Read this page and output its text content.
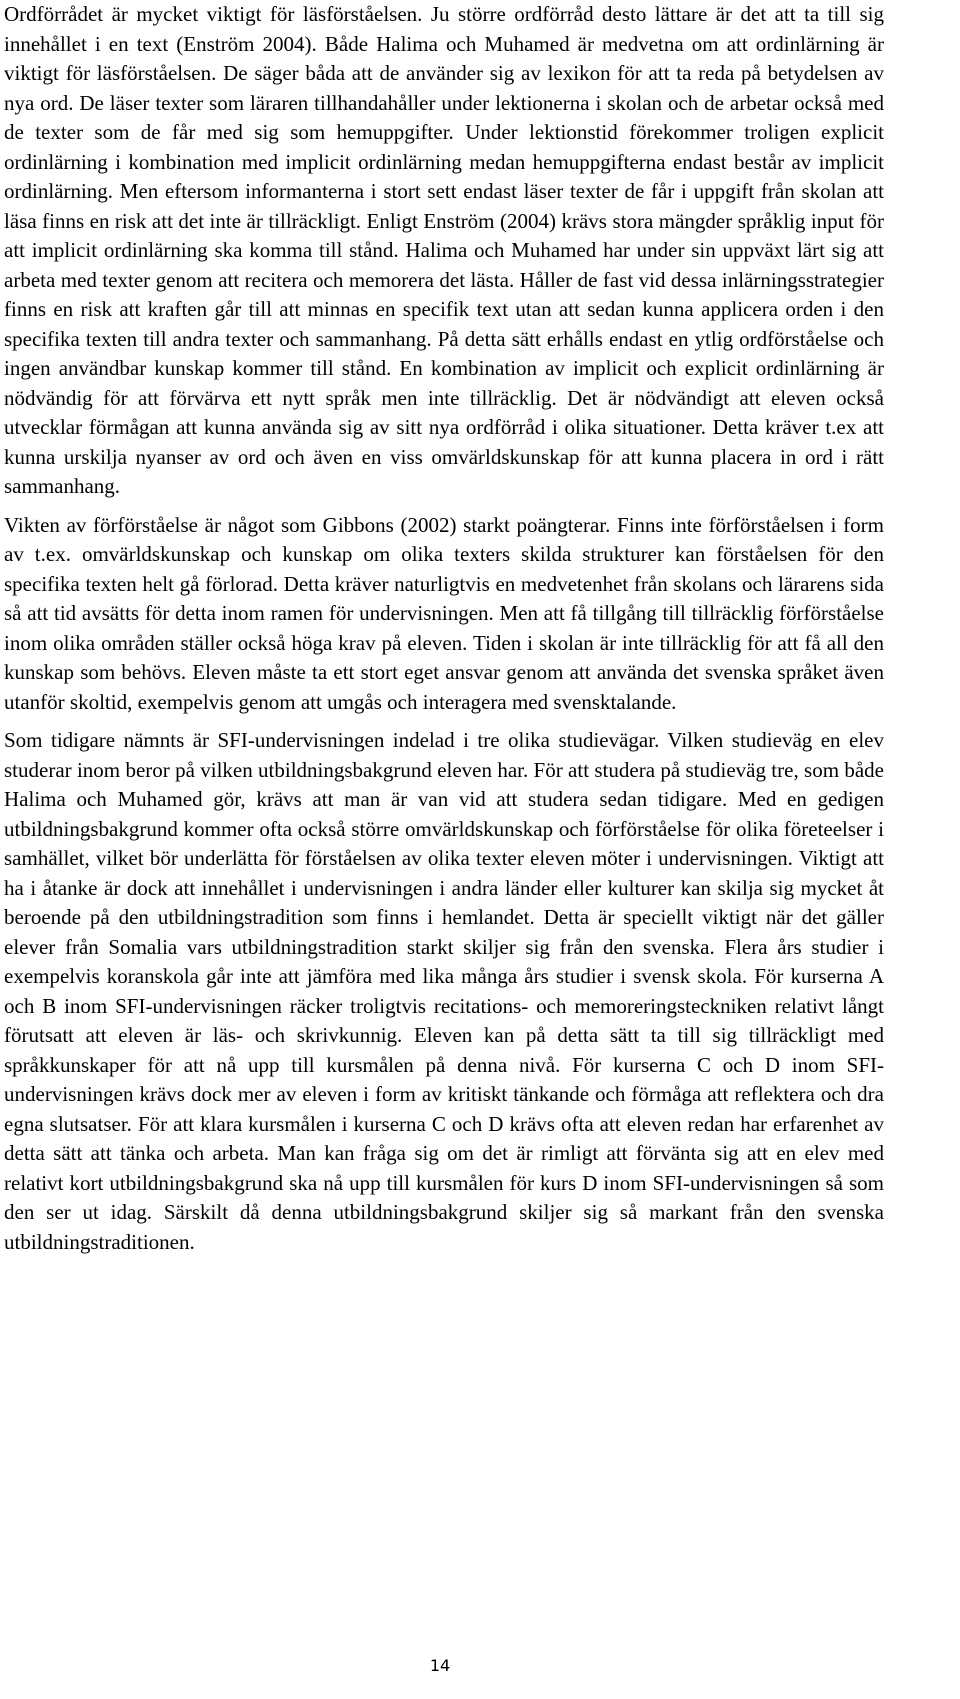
Ordförrådet är mycket viktigt för läsförståelsen. Ju större ordförråd desto lättare är det att ta till sig innehållet i en text (Enström 2004). Både Halima och Muhamed är medvetna om att ordinlärning är viktigt för läsförståelsen. De säger båda att de använder sig av lexikon för att ta reda på betydelsen av nya ord. De läser texter som läraren tillhandahåller under lektionerna i skolan och de arbetar också med de texter som de får med sig som hemuppgifter. Under lektionstid förekommer troligen explicit ordinlärning i kombination med implicit ordinlärning medan hemuppgifterna endast består av implicit ordinlärning. Men eftersom informanterna i stort sett endast läser texter de får i uppgift från skolan att läsa finns en risk att det inte är tillräckligt. Enligt Enström (2004) krävs stora mängder språklig input för att implicit ordinlärning ska komma till stånd. Halima och Muhamed har under sin uppväxt lärt sig att arbeta med texter genom att recitera och memorera det lästa. Håller de fast vid dessa inlärningsstrategier finns en risk att kraften går till att minnas en specifik text utan att sedan kunna applicera orden i den specifika texten till andra texter och sammanhang. På detta sätt erhålls endast en ytlig ordförståelse och ingen användbar kunskap kommer till stånd. En kombination av implicit och explicit ordinlärning är nödvändig för att förvärva ett nytt språk men inte tillräcklig. Det är nödvändigt att eleven också utvecklar förmågan att kunna använda sig av sitt nya ordförråd i olika situationer. Detta kräver t.ex att kunna urskilja nyanser av ord och även en viss omvärldskunskap för att kunna placera in ord i rätt sammanhang.

Vikten av förförståelse är något som Gibbons (2002) starkt poängterar. Finns inte förförståelsen i form av t.ex. omvärldskunskap och kunskap om olika texters skilda strukturer kan förståelsen för den specifika texten helt gå förlorad. Detta kräver naturligtvis en medvetenhet från skolans och lärarens sida så att tid avsätts för detta inom ramen för undervisningen. Men att få tillgång till tillräcklig förförståelse inom olika områden ställer också höga krav på eleven. Tiden i skolan är inte tillräcklig för att få all den kunskap som behövs. Eleven måste ta ett stort eget ansvar genom att använda det svenska språket även utanför skoltid, exempelvis genom att umgås och interagera med svensktalande.

Som tidigare nämnts är SFI-undervisningen indelad i tre olika studievägar. Vilken studieväg en elev studerar inom beror på vilken utbildningsbakgrund eleven har. För att studera på studieväg tre, som både Halima och Muhamed gör, krävs att man är van vid att studera sedan tidigare. Med en gedigen utbildningsbakgrund kommer ofta också större omvärldskunskap och förförståelse för olika företeelser i samhället, vilket bör underlätta för förståelsen av olika texter eleven möter i undervisningen. Viktigt att ha i åtanke är dock att innehållet i undervisningen i andra länder eller kulturer kan skilja sig mycket åt beroende på den utbildningstradition som finns i hemlandet. Detta är speciellt viktigt när det gäller elever från Somalia vars utbildningstradition starkt skiljer sig från den svenska. Flera års studier i exempelvis koranskola går inte att jämföra med lika många års studier i svensk skola. För kurserna A och B inom SFI-undervisningen räcker troligtvis recitations- och memoreringsteckniken relativt långt förutsatt att eleven är läs- och skrivkunnig. Eleven kan på detta sätt ta till sig tillräckligt med språkkunskaper för att nå upp till kursmålen på denna nivå. För kurserna C och D inom SFI-undervisningen krävs dock mer av eleven i form av kritiskt tänkande och förmåga att reflektera och dra egna slutsatser. För att klara kursmålen i kurserna C och D krävs ofta att eleven redan har erfarenhet av detta sätt att tänka och arbeta. Man kan fråga sig om det är rimligt att förvänta sig att en elev med relativt kort utbildningsbakgrund ska nå upp till kursmålen för kurs D inom SFI-undervisningen så som den ser ut idag. Särskilt då denna utbildningsbakgrund skiljer sig så markant från den svenska utbildningstraditionen.

14
